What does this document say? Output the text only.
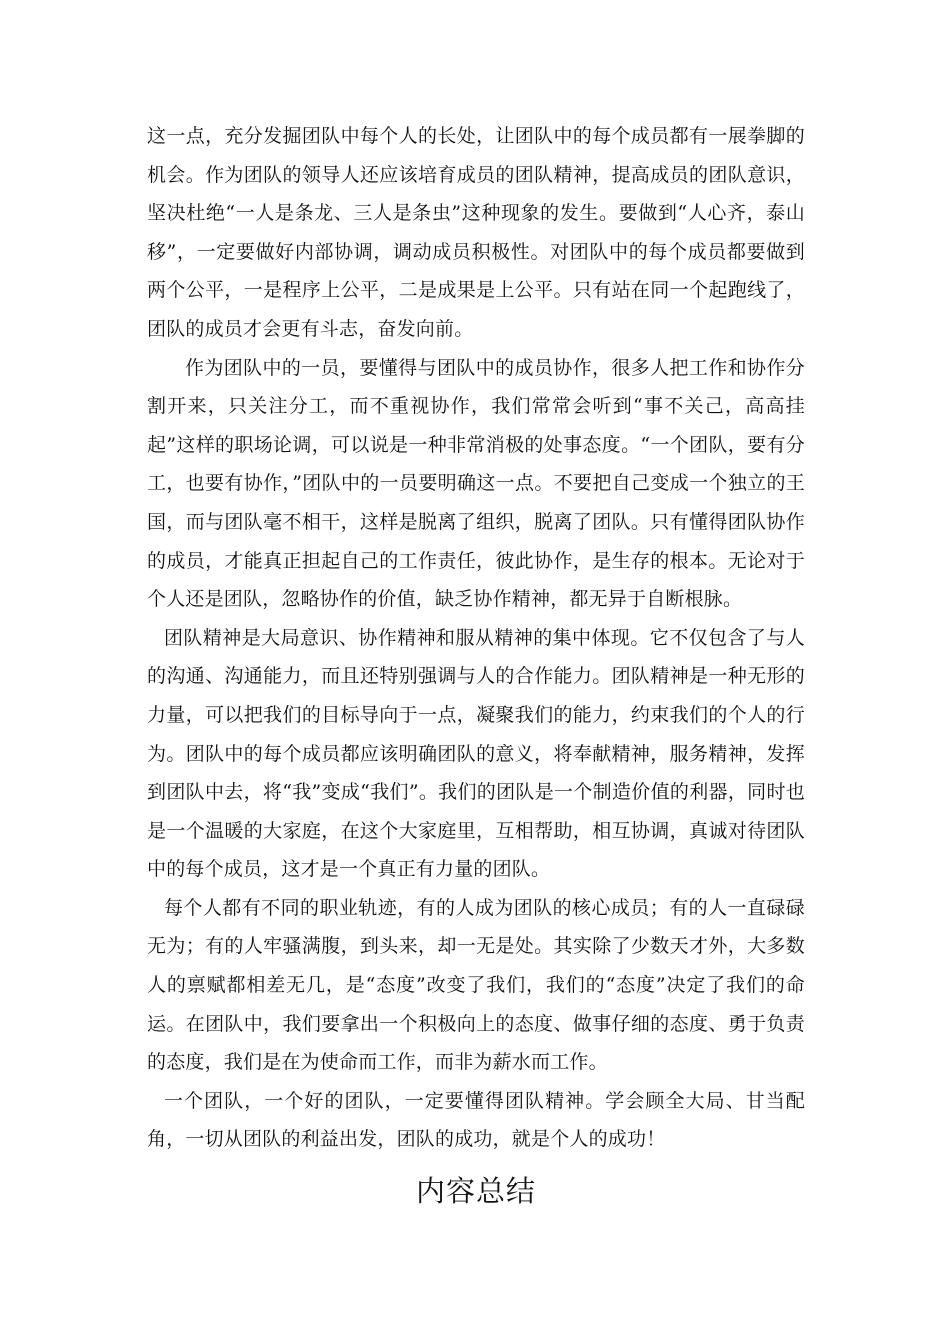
这一点，充分发掘团队中每个人的长处，让团队中的每个成员都有一展拳脚的机会。作为团队的领导人还应该培育成员的团队精神，提高成员的团队意识，坚决杜绝“一人是条龙、三人是条虫”这种现象的发生。要做到“人心齐，泰山移”，一定要做好内部协调，调动成员积极性。对团队中的每个成员都要做到两个公平，一是程序上公平，二是成果是上公平。只有站在同一个起跑线了，团队的成员才会更有斗志，奋发向前。

作为团队中的一员，要懂得与团队中的成员协作，很多人把工作和协作分割开来，只关注分工，而不重视协作，我们常常会听到“事不关己，高高挂起”这样的职场论调，可以说是一种非常消极的处事态度。“一个团队，要有分工，也要有协作，”团队中的一员要明确这一点。不要把自己变成一个独立的王国，而与团队毫不相干，这样是脱离了组织，脱离了团队。只有懂得团队协作的成员，才能真正担起自己的工作责任，彼此协作，是生存的根本。无论对于个人还是团队，忽略协作的价值，缺乏协作精神，都无异于自断根脉。

团队精神是大局意识、协作精神和服从精神的集中体现。它不仅包含了与人的沟通、沟通能力，而且还特别强调与人的合作能力。团队精神是一种无形的力量，可以把我们的目标导向于一点，凝聚我们的能力，约束我们的个人的行为。团队中的每个成员都应该明确团队的意义，将奉献精神，服务精神，发挥到团队中去，将“我”变成“我们”。我们的团队是一个制造价值的利器，同时也是一个温暖的大家庭，在这个大家庭里，互相帮助，相互协调，真诚对待团队中的每个成员，这才是一个真正有力量的团队。

每个人都有不同的职业轨迹，有的人成为团队的核心成员；有的人一直碌碌无为；有的人牢骚满腹，到头来，却一无是处。其实除了少数天才外，大多数人的禀赋都相差无几，是“态度”改变了我们，我们的“态度”决定了我们的命运。在团队中，我们要拿出一个积极向上的态度、做事仔细的态度、勇于负责的态度，我们是在为使命而工作，而非为薪水而工作。

一个团队，一个好的团队，一定要懂得团队精神。学会顾全大局、甘当配角，一切从团队的利益出发，团队的成功，就是个人的成功！

内容总结
